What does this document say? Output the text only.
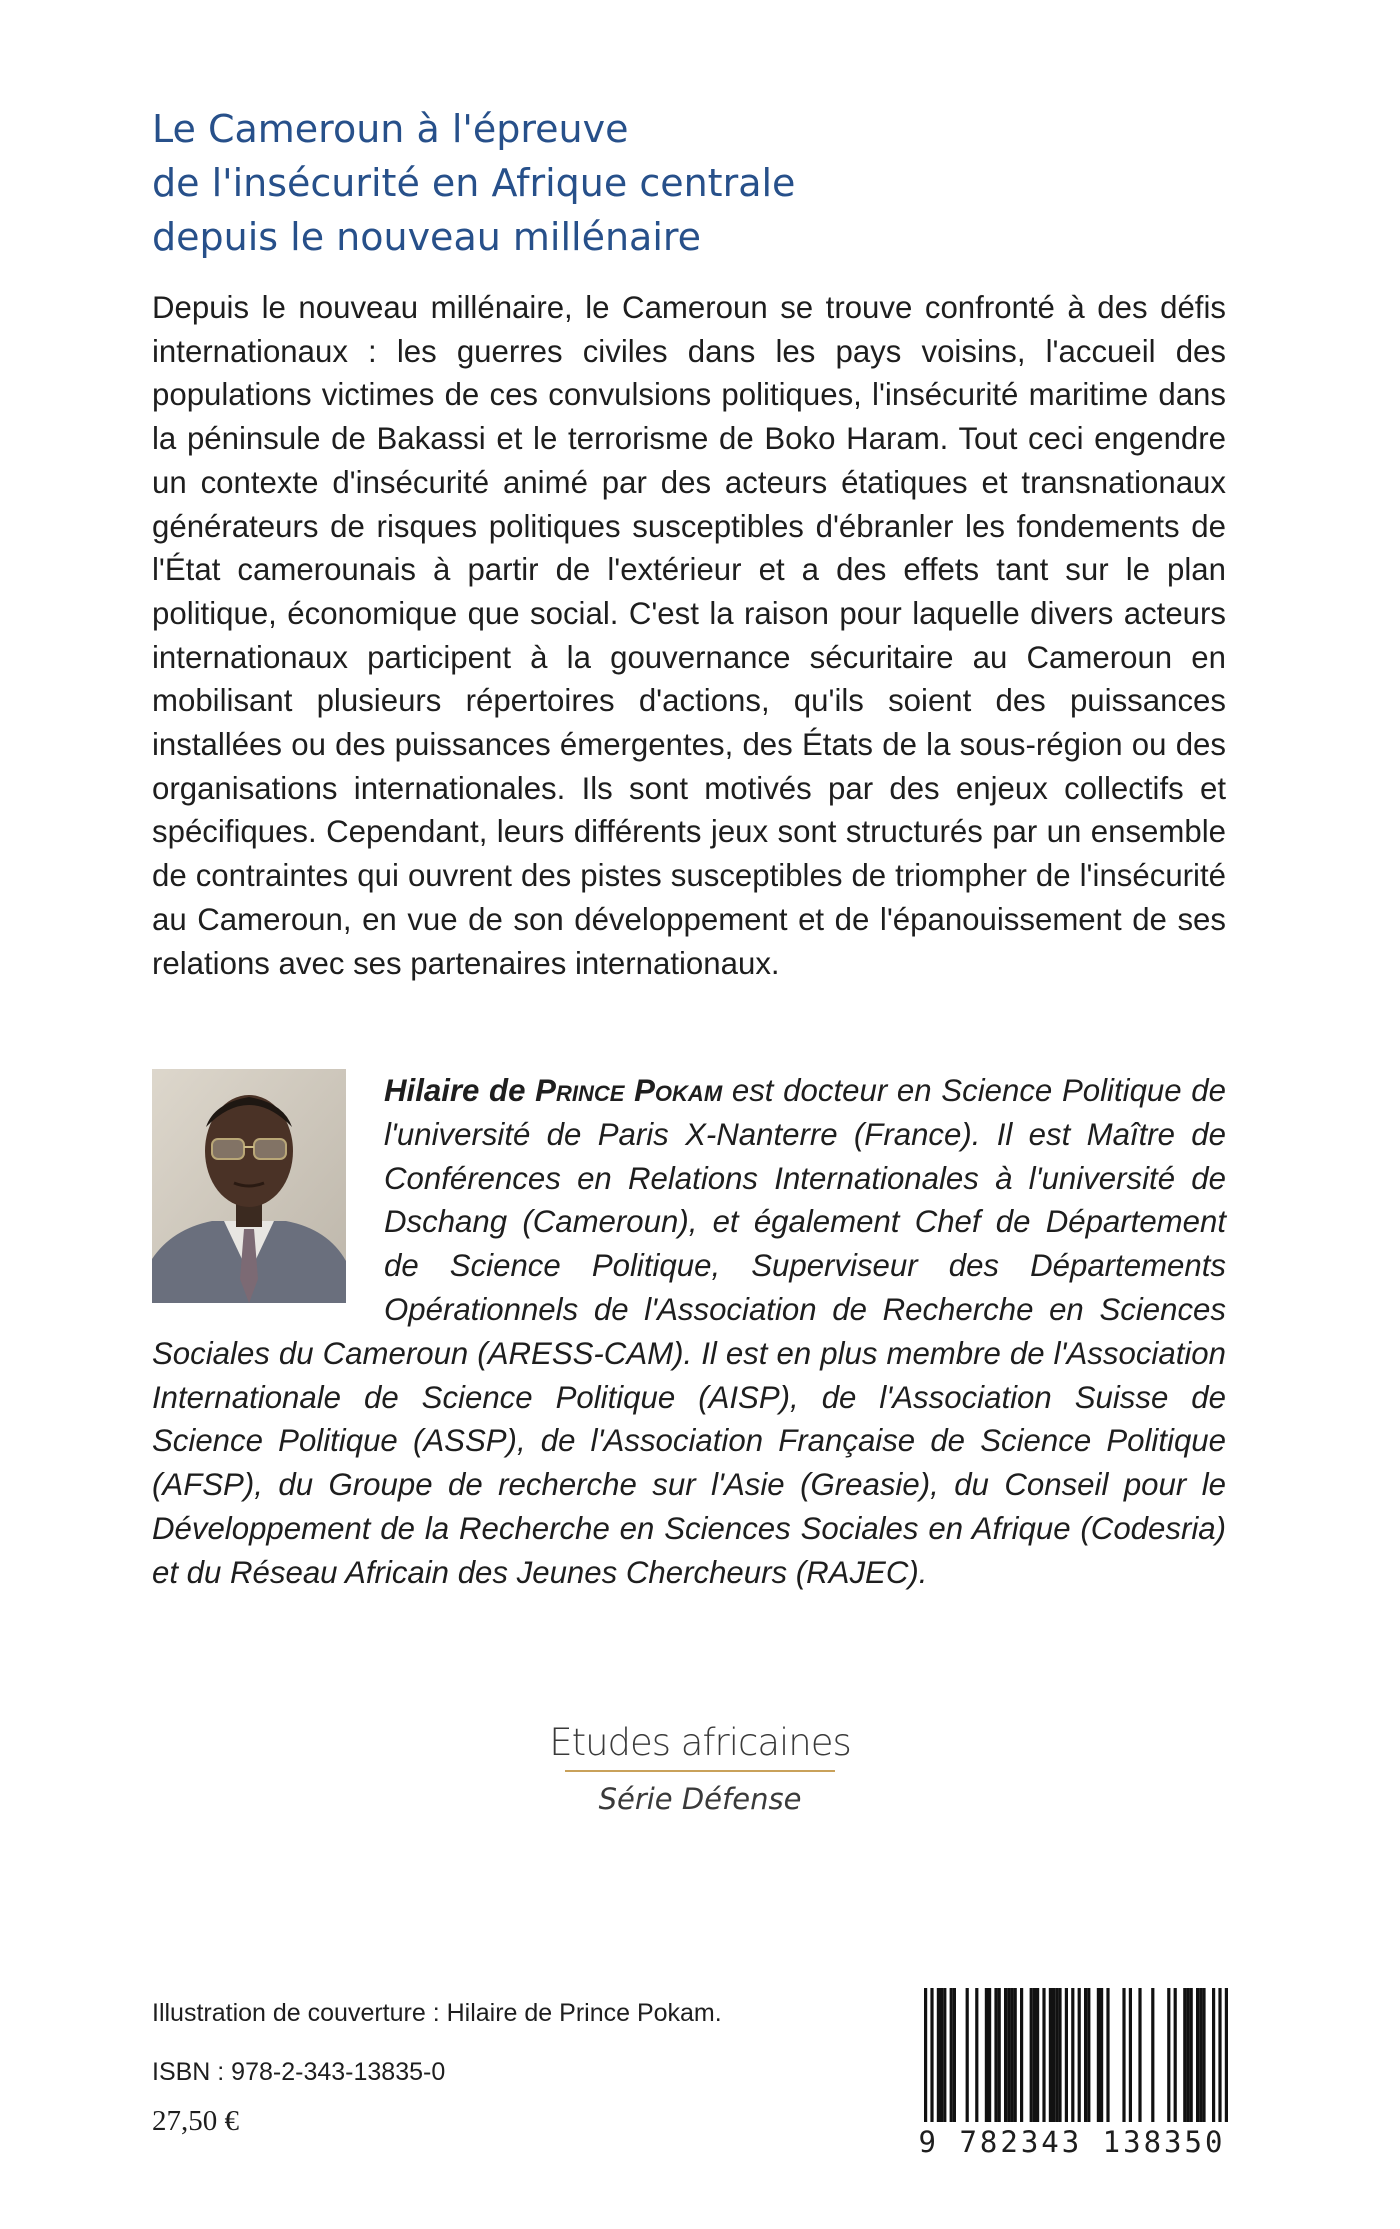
Le Cameroun à l'épreuve
de l'insécurité en Afrique centrale
depuis le nouveau millénaire

Depuis le nouveau millénaire, le Cameroun se trouve confronté à des défis internationaux : les guerres civiles dans les pays voisins, l'accueil des populations victimes de ces convulsions politiques, l'insécurité maritime dans la péninsule de Bakassi et le terrorisme de Boko Haram. Tout ceci engendre un contexte d'insécurité animé par des acteurs étatiques et transnationaux générateurs de risques politiques susceptibles d'ébranler les fondements de l'État camerounais à partir de l'extérieur et a des effets tant sur le plan politique, économique que social. C'est la raison pour laquelle divers acteurs internationaux participent à la gouvernance sécuritaire au Cameroun en mobilisant plusieurs répertoires d'actions, qu'ils soient des puissances installées ou des puissances émergentes, des États de la sous-région ou des organisations internationales. Ils sont motivés par des enjeux collectifs et spécifiques. Cependant, leurs différents jeux sont structurés par un ensemble de contraintes qui ouvrent des pistes susceptibles de triompher de l'insécurité au Cameroun, en vue de son développement et de l'épanouissement de ses relations avec ses partenaires internationaux.

Hilaire de Prince Pokam est docteur en Science Politique de l'université de Paris X-Nanterre (France). Il est Maître de Conférences en Relations Internationales à l'université de Dschang (Cameroun), et également Chef de Département de Science Politique, Superviseur des Départements Opérationnels de l'Association de Recherche en Sciences Sociales du Cameroun (ARESS-CAM). Il est en plus membre de l'Association Internationale de Science Politique (AISP), de l'Association Suisse de Science Politique (ASSP), de l'Association Française de Science Politique (AFSP), du Groupe de recherche sur l'Asie (Greasie), du Conseil pour le Développement de la Recherche en Sciences Sociales en Afrique (Codesria) et du Réseau Africain des Jeunes Chercheurs (RAJEC).

Etudes africaines
Série Défense
Illustration de couverture : Hilaire de Prince Pokam.
ISBN : 978-2-343-13835-0
27,50 €
9 782343 138350
